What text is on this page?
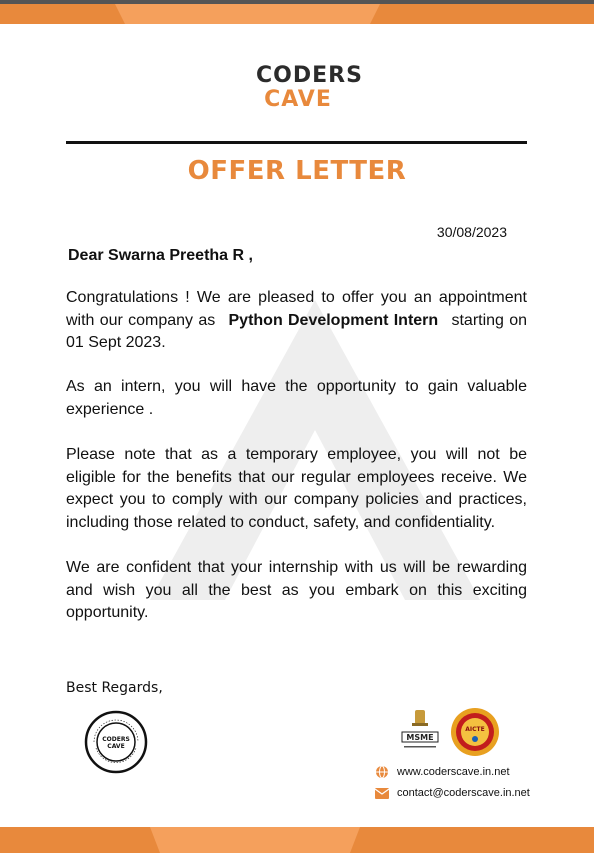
CODERS
CAVE
OFFER LETTER
30/08/2023
Dear Swarna Preetha R ,
Congratulations ! We are pleased to offer you an appointment with our company as Python Development Intern starting on 01 Sept 2023.
As an intern, you will have the opportunity to gain valuable experience .
Please note that as a temporary employee, you will not be eligible for the benefits that our regular employees receive. We expect you to comply with our company policies and practices, including those related to conduct, safety, and confidentiality.
We are confident that your internship with us will be rewarding and wish you all the best as you embark on this exciting opportunity.
Best Regards,
CODERS
CAVE
MSME
AICTE
www.coderscave.in.net
contact@coderscave.in.net
